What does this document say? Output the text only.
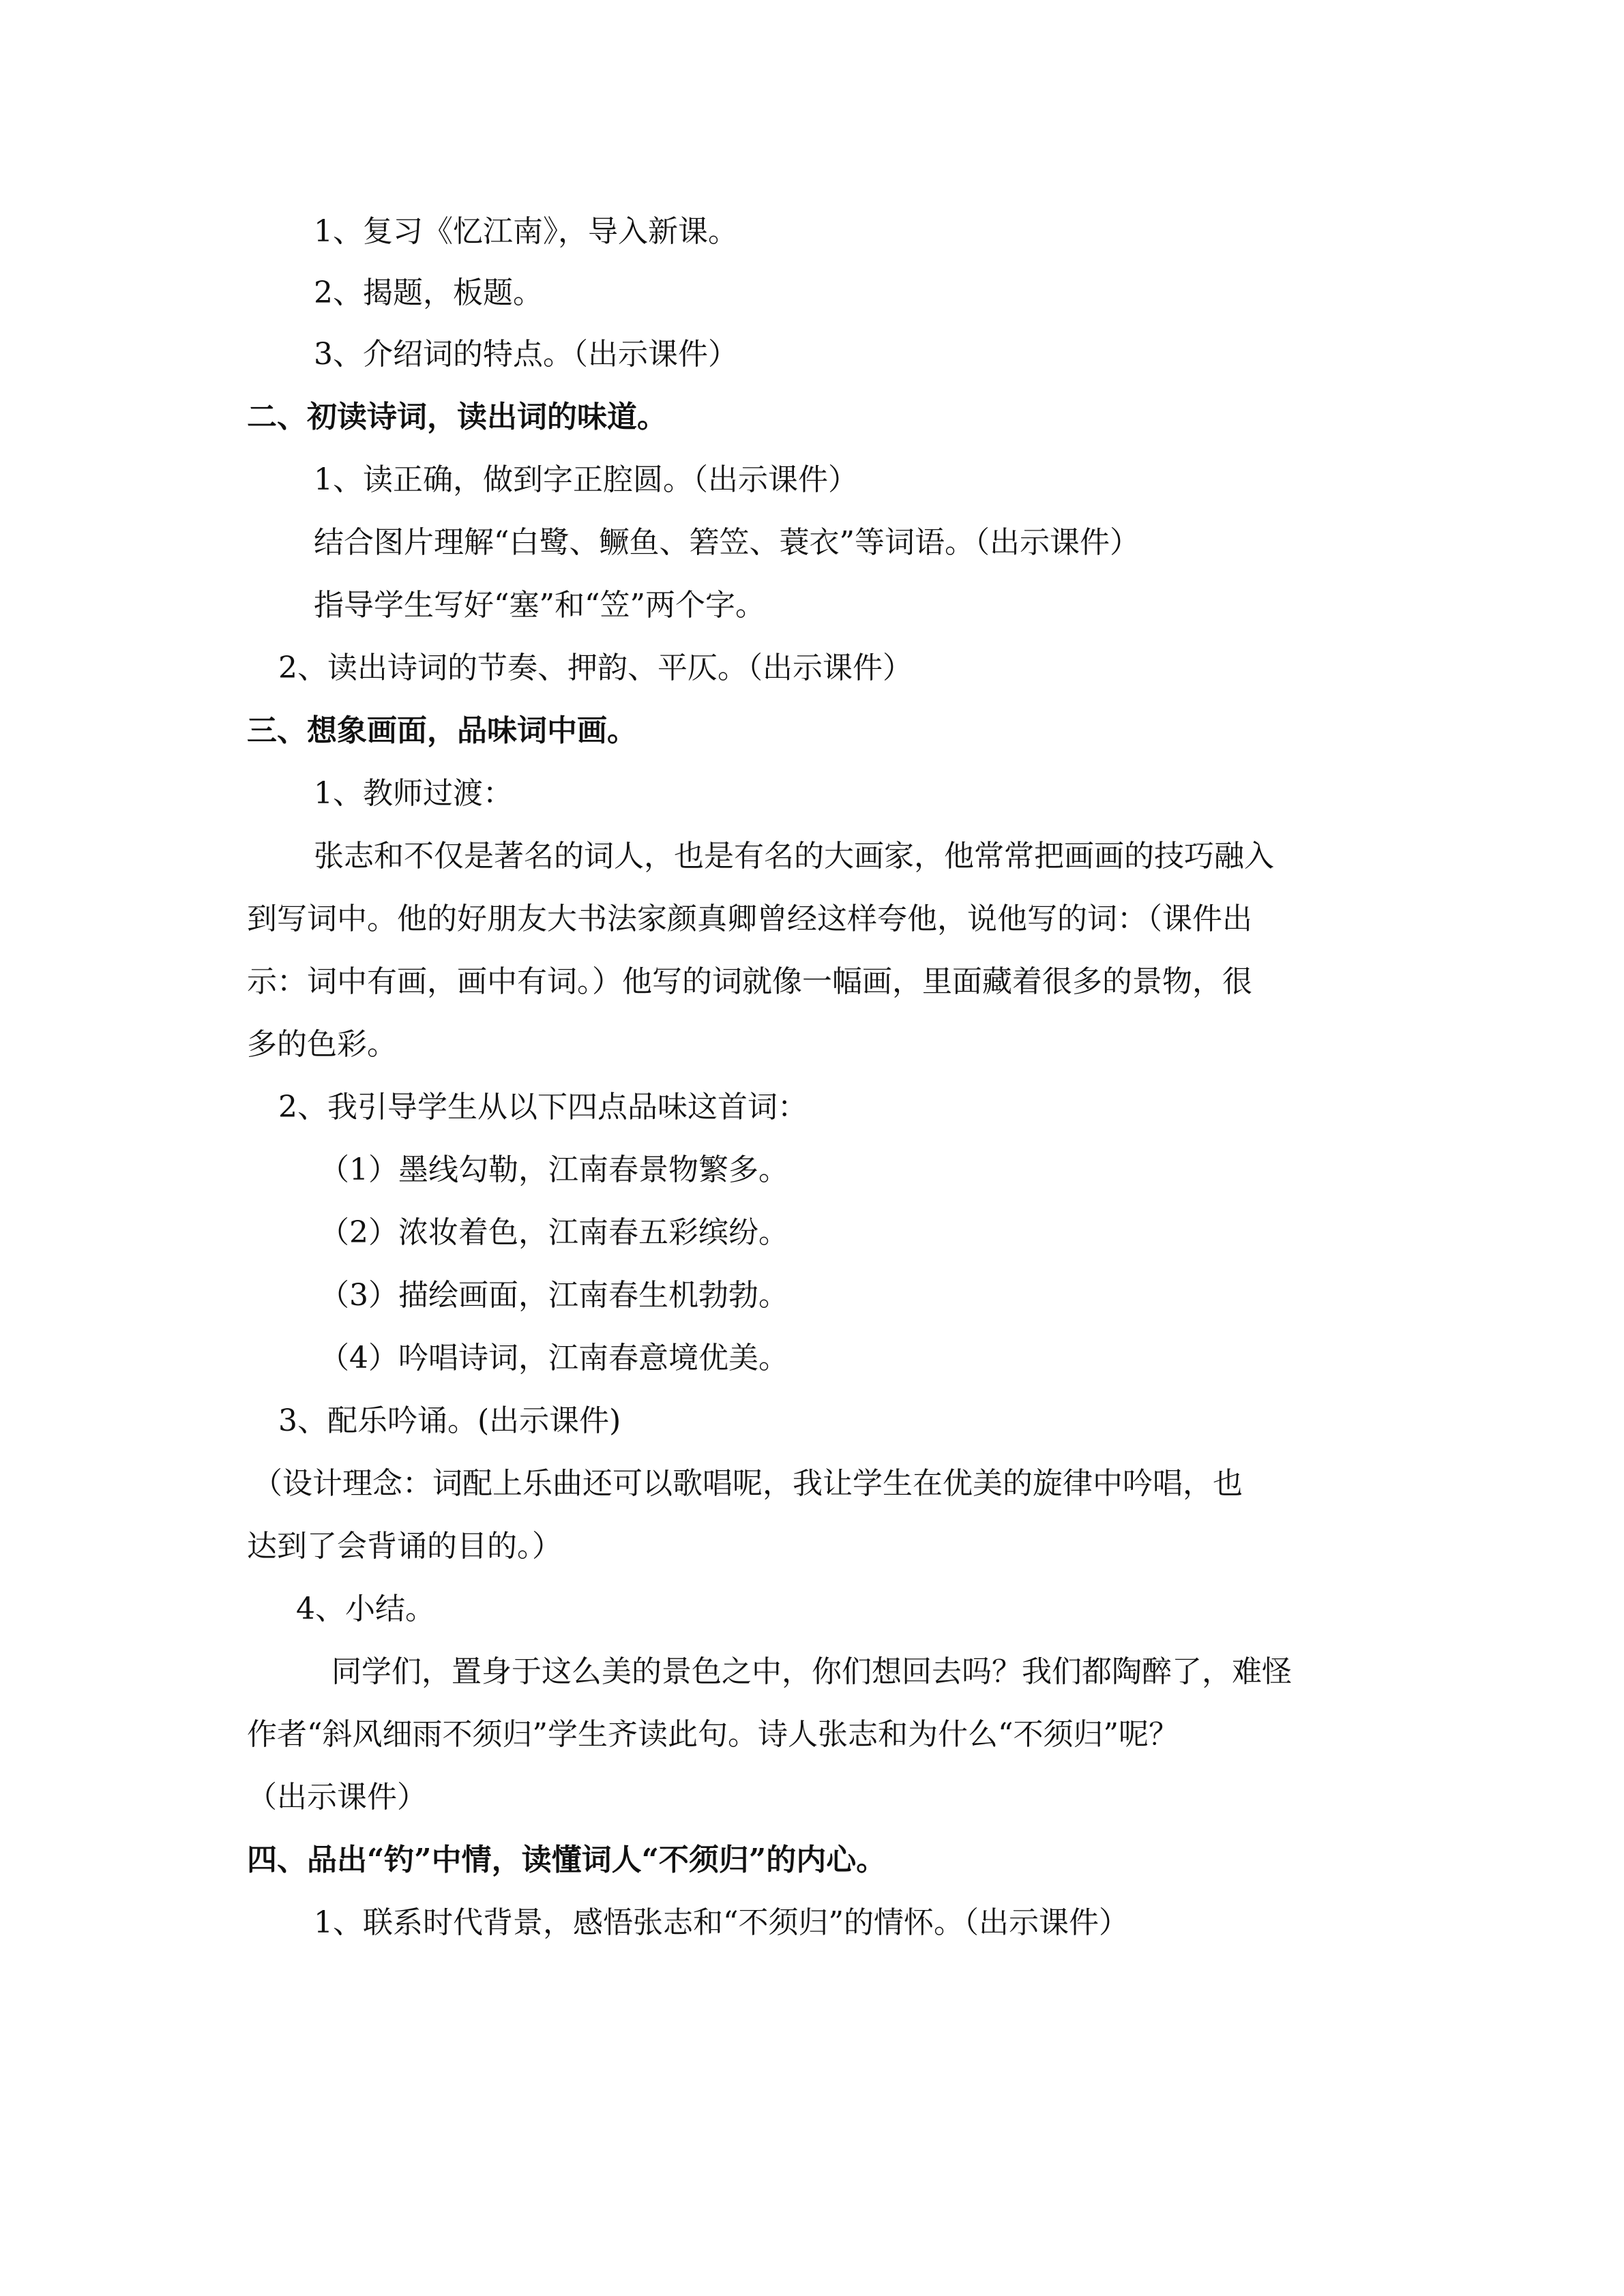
1、复习《忆江南》，导入新课。
2、揭题，板题。
3、介绍词的特点。（出示课件）
二、初读诗词，读出词的味道。
1、读正确，做到字正腔圆。（出示课件）
结合图片理解“白鹭、鳜鱼、箬笠、蓑衣”等词语。（出示课件）
指导学生写好“塞”和“笠”两个字。
2、读出诗词的节奏、押韵、平仄。（出示课件）
三、想象画面，品味词中画。
1、教师过渡：
张志和不仅是著名的词人，也是有名的大画家，他常常把画画的技巧融入
到写词中。他的好朋友大书法家颜真卿曾经这样夸他，说他写的词：（课件出
示：词中有画，画中有词。）他写的词就像一幅画，里面藏着很多的景物，很
多的色彩。
2、我引导学生从以下四点品味这首词：
（1）墨线勾勒，江南春景物繁多。
（2）浓妆着色，江南春五彩缤纷。
（3）描绘画面，江南春生机勃勃。
（4）吟唱诗词，江南春意境优美。
3、配乐吟诵。(出示课件)
（设计理念：词配上乐曲还可以歌唱呢，我让学生在优美的旋律中吟唱，也
达到了会背诵的目的。）
4、小结。
同学们，置身于这么美的景色之中，你们想回去吗？我们都陶醉了，难怪
作者“斜风细雨不须归”学生齐读此句。诗人张志和为什么“不须归”呢？
（出示课件）
四、品出“钓”中情，读懂词人“不须归”的内心。
1、联系时代背景，感悟张志和“不须归”的情怀。（出示课件）
